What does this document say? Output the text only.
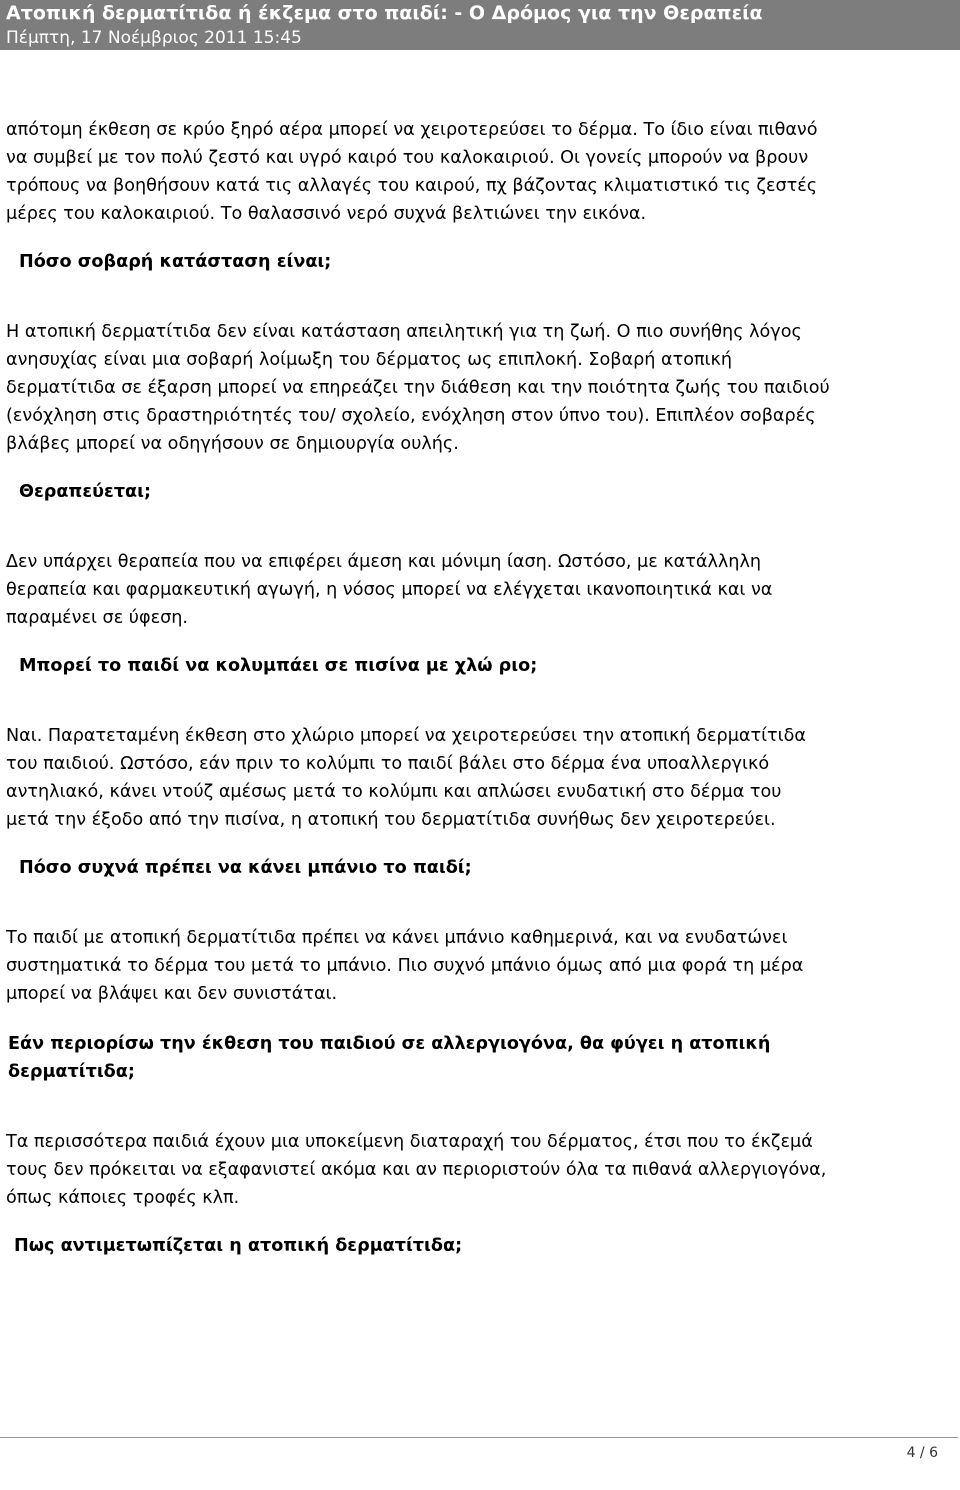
Ατοπική δερματίτιδα ή έκζεμα στο παιδί: - Ο Δρόμος για την Θεραπεία
Πέμπτη, 17 Νοέμβριος 2011 15:45

απότομη έκθεση σε κρύο ξηρό αέρα μπορεί να χειροτερεύσει το δέρμα. Το ίδιο είναι πιθανό
να συμβεί με τον πολύ ζεστό και υγρό καιρό του καλοκαιριού. Οι γονείς μπορούν να βρουν
τρόπους να βοηθήσουν κατά τις αλλαγές του καιρού, πχ βάζοντας κλιματιστικό τις ζεστές
μέρες του καλοκαιριού. Το θαλασσινό νερό συχνά βελτιώνει την εικόνα.

Πόσο σοβαρή κατάσταση είναι;

Η ατοπική δερματίτιδα δεν είναι κατάσταση απειλητική για τη ζωή. Ο πιο συνήθης λόγος
ανησυχίας είναι μια σοβαρή λοίμωξη του δέρματος ως επιπλοκή. Σοβαρή ατοπική
δερματίτιδα σε έξαρση μπορεί να επηρεάζει την διάθεση και την ποιότητα ζωής του παιδιού
(ενόχληση στις δραστηριότητές του/ σχολείο, ενόχληση στον ύπνο του). Επιπλέον σοβαρές
βλάβες μπορεί να οδηγήσουν σε δημιουργία ουλής.

Θεραπεύεται;

Δεν υπάρχει θεραπεία που να επιφέρει άμεση και μόνιμη ίαση. Ωστόσο, με κατάλληλη
θεραπεία και φαρμακευτική αγωγή, η νόσος μπορεί να ελέγχεται ικανοποιητικά και να
παραμένει σε ύφεση.

Μπορεί το παιδί να κολυμπάει σε πισίνα με χλώ ριο;

Ναι. Παρατεταμένη έκθεση στο χλώριο μπορεί να χειροτερεύσει την ατοπική δερματίτιδα
του παιδιού. Ωστόσο, εάν πριν το κολύμπι το παιδί βάλει στο δέρμα ένα υποαλλεργικό
αντηλιακό, κάνει ντούζ αμέσως μετά το κολύμπι και απλώσει ενυδατική στο δέρμα του
μετά την έξοδο από την πισίνα, η ατοπική του δερματίτιδα συνήθως δεν χειροτερεύει.

Πόσο συχνά πρέπει να κάνει μπάνιο το παιδί;

Το παιδί με ατοπική δερματίτιδα πρέπει να κάνει μπάνιο καθημερινά, και να ενυδατώνει
συστηματικά το δέρμα του μετά το μπάνιο. Πιο συχνό μπάνιο όμως από μια φορά τη μέρα
μπορεί να βλάψει και δεν συνιστάται.

Εάν περιορίσω την έκθεση του παιδιού σε αλλεργιογόνα, θα φύγει η ατοπική
δερματίτιδα;

Τα περισσότερα παιδιά έχουν μια υποκείμενη διαταραχή του δέρματος, έτσι που το έκζεμά
τους δεν πρόκειται να εξαφανιστεί ακόμα και αν περιοριστούν όλα τα πιθανά αλλεργιογόνα,
όπως κάποιες τροφές κλπ.

Πως αντιμετωπίζεται η ατοπική δερματίτιδα;
4 / 6
